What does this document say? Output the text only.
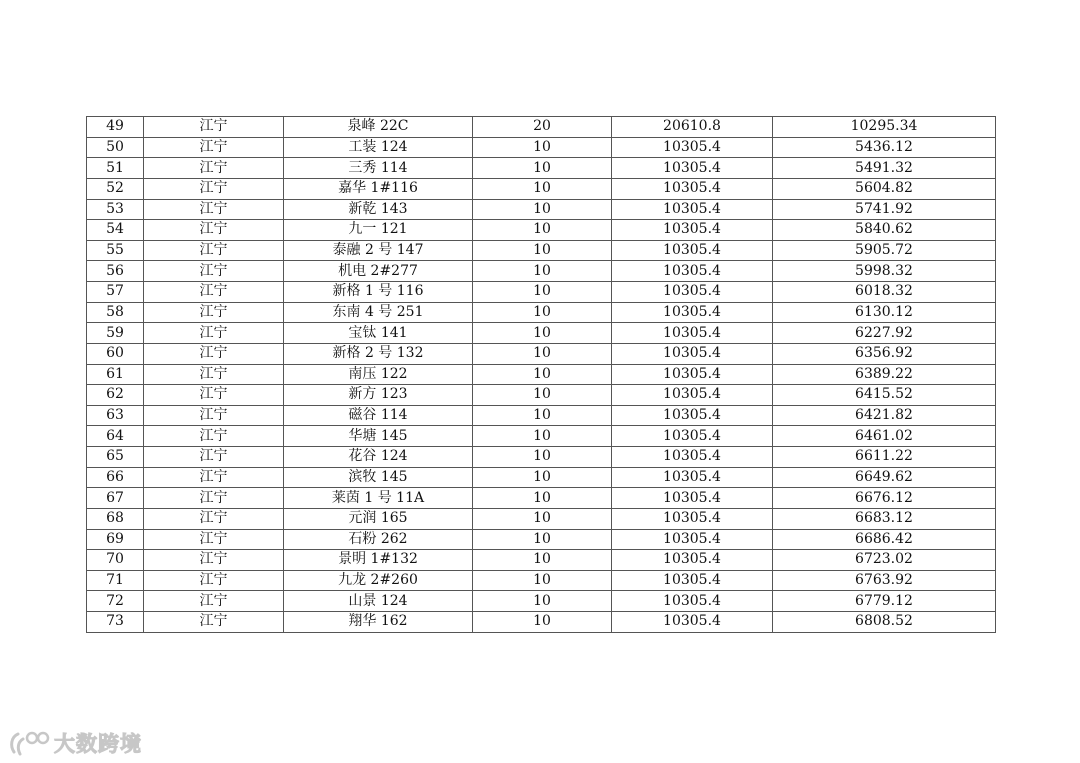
49	江宁	泉峰 22C	20	20610.8	10295.34
50	江宁	工装 124	10	10305.4	5436.12
51	江宁	三秀 114	10	10305.4	5491.32
52	江宁	嘉华 1#116	10	10305.4	5604.82
53	江宁	新乾 143	10	10305.4	5741.92
54	江宁	九一 121	10	10305.4	5840.62
55	江宁	泰融 2 号 147	10	10305.4	5905.72
56	江宁	机电 2#277	10	10305.4	5998.32
57	江宁	新格 1 号 116	10	10305.4	6018.32
58	江宁	东南 4 号 251	10	10305.4	6130.12
59	江宁	宝钛 141	10	10305.4	6227.92
60	江宁	新格 2 号 132	10	10305.4	6356.92
61	江宁	南压 122	10	10305.4	6389.22
62	江宁	新方 123	10	10305.4	6415.52
63	江宁	磁谷 114	10	10305.4	6421.82
64	江宁	华塘 145	10	10305.4	6461.02
65	江宁	花谷 124	10	10305.4	6611.22
66	江宁	滨牧 145	10	10305.4	6649.62
67	江宁	莱茵 1 号 11A	10	10305.4	6676.12
68	江宁	元润 165	10	10305.4	6683.12
69	江宁	石粉 262	10	10305.4	6686.42
70	江宁	景明 1#132	10	10305.4	6723.02
71	江宁	九龙 2#260	10	10305.4	6763.92
72	江宁	山景 124	10	10305.4	6779.12
73	江宁	翔华 162	10	10305.4	6808.52
大数跨境
